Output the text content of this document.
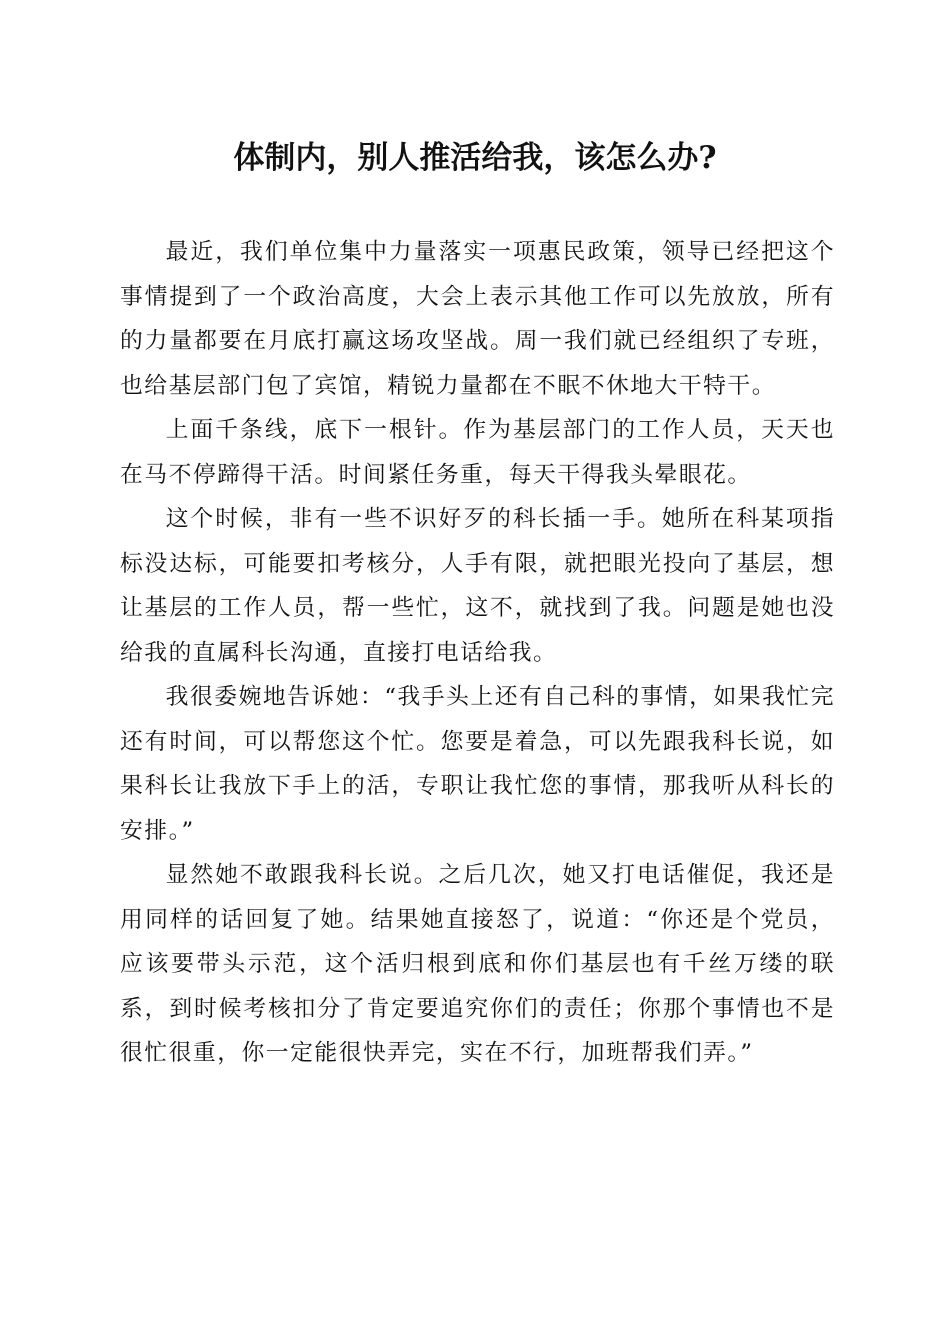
体制内，别人推活给我，该怎么办?

最近，我们单位集中力量落实一项惠民政策，领导已经把这个事情提到了一个政治高度，大会上表示其他工作可以先放放，所有的力量都要在月底打赢这场攻坚战。周一我们就已经组织了专班，也给基层部门包了宾馆，精锐力量都在不眠不休地大干特干。

上面千条线，底下一根针。作为基层部门的工作人员，天天也在马不停蹄得干活。时间紧任务重，每天干得我头晕眼花。

这个时候，非有一些不识好歹的科长插一手。她所在科某项指标没达标，可能要扣考核分，人手有限，就把眼光投向了基层，想让基层的工作人员，帮一些忙，这不，就找到了我。问题是她也没给我的直属科长沟通，直接打电话给我。

我很委婉地告诉她：“我手头上还有自己科的事情，如果我忙完还有时间，可以帮您这个忙。您要是着急，可以先跟我科长说，如果科长让我放下手上的活，专职让我忙您的事情，那我听从科长的安排。”

显然她不敢跟我科长说。之后几次，她又打电话催促，我还是用同样的话回复了她。结果她直接怒了，说道：“你还是个党员，应该要带头示范，这个活归根到底和你们基层也有千丝万缕的联系，到时候考核扣分了肯定要追究你们的责任；你那个事情也不是很忙很重，你一定能很快弄完，实在不行，加班帮我们弄。”
